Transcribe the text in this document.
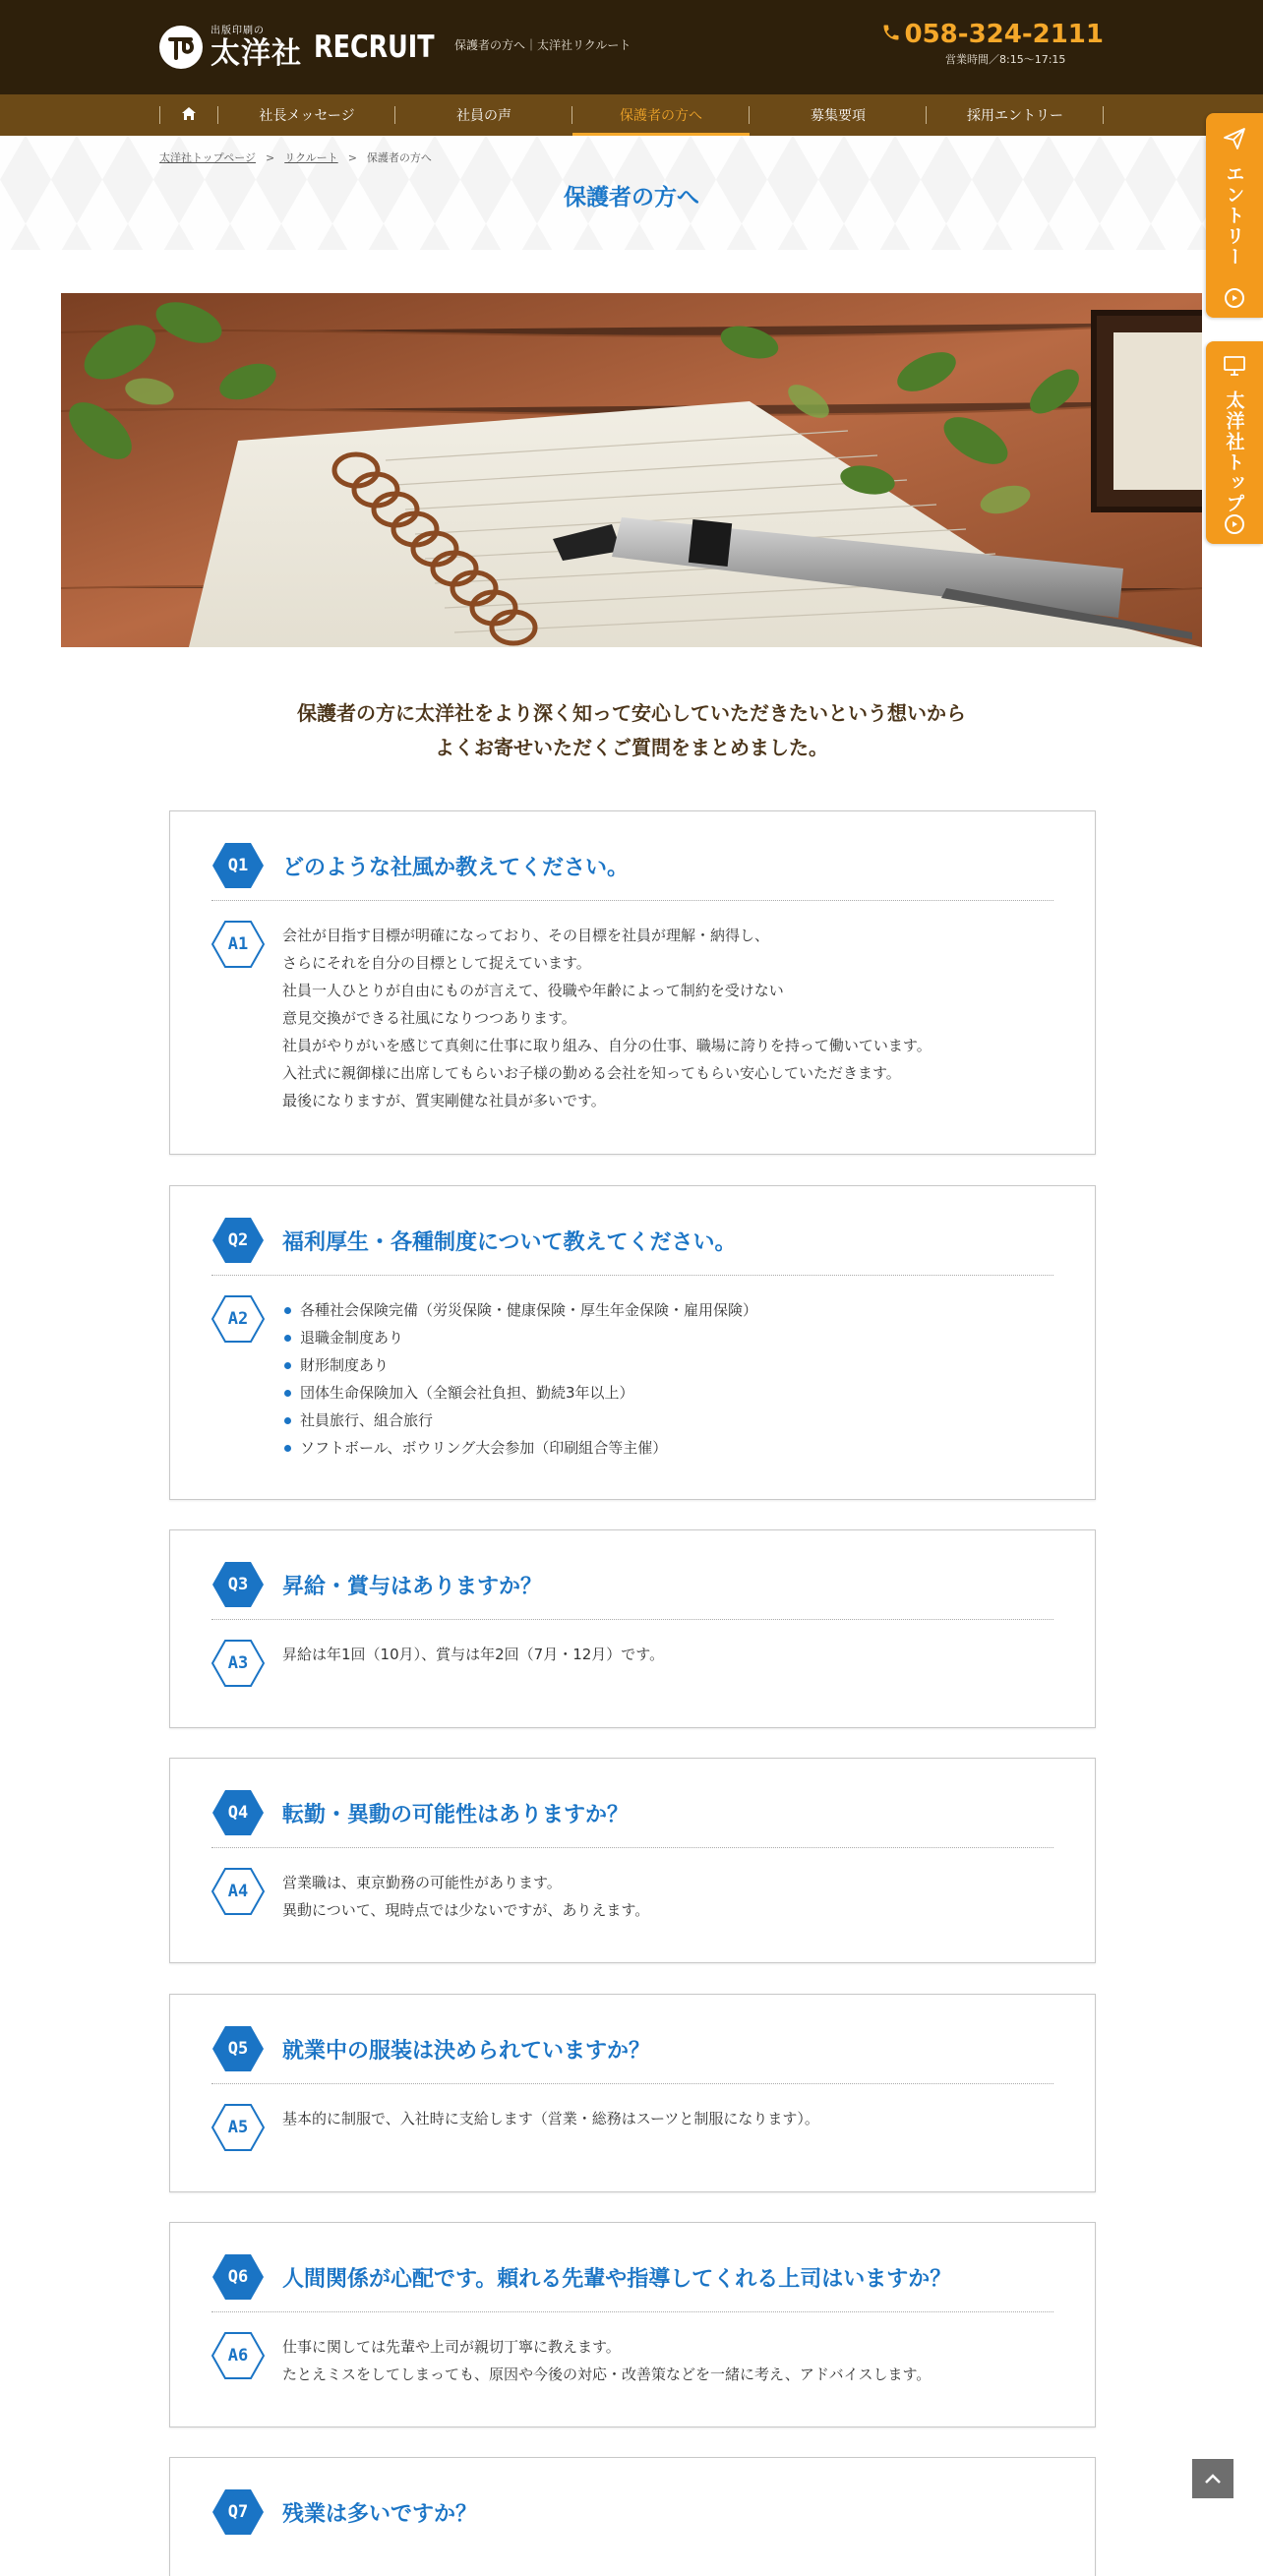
出版印刷の
太洋社 RECRUIT 保護者の方へ｜太洋社リクルート	058-324-2111
営業時間／8:15～17:15
社長メッセージ	社員の声	保護者の方へ	募集要項	採用エントリー
太洋社トップページ > リクルート > 保護者の方へ
保護者の方へ	エントリー
太洋社トップ
保護者の方に太洋社をより深く知って安心していただきたいという想いから
よくお寄せいただくご質問をまとめました。
Q1 どのような社風か教えてください。
A1 会社が目指す目標が明確になっており、その目標を社員が理解・納得し、
さらにそれを自分の目標として捉えています。
社員一人ひとりが自由にものが言えて、役職や年齢によって制約を受けない
意見交換ができる社風になりつつあります。
社員がやりがいを感じて真剣に仕事に取り組み、自分の仕事、職場に誇りを持って働いています。
入社式に親御様に出席してもらいお子様の勤める会社を知ってもらい安心していただきます。
最後になりますが、質実剛健な社員が多いです。
Q2 福利厚生・各種制度について教えてください。
A2	各種社会保険完備（労災保険・健康保険・厚生年金保険・雇用保険）
退職金制度あり
財形制度あり
団体生命保険加入（全額会社負担、勤続3年以上）
社員旅行、組合旅行
ソフトボール、ボウリング大会参加（印刷組合等主催）
Q3 昇給・賞与はありますか？
A3 昇給は年1回（10月）、賞与は年2回（7月・12月）です。
Q4 転勤・異動の可能性はありますか？
A4 営業職は、東京勤務の可能性があります。
異動について、現時点では少ないですが、ありえます。
Q5 就業中の服装は決められていますか？
A5 基本的に制服で、入社時に支給します（営業・総務はスーツと制服になります）。
Q6 人間関係が心配です。頼れる先輩や指導してくれる上司はいますか？
A6 仕事に関しては先輩や上司が親切丁寧に教えます。
たとえミスをしてしまっても、原因や今後の対応・改善策などを一緒に考え、アドバイスします。
Q7 残業は多いですか？
